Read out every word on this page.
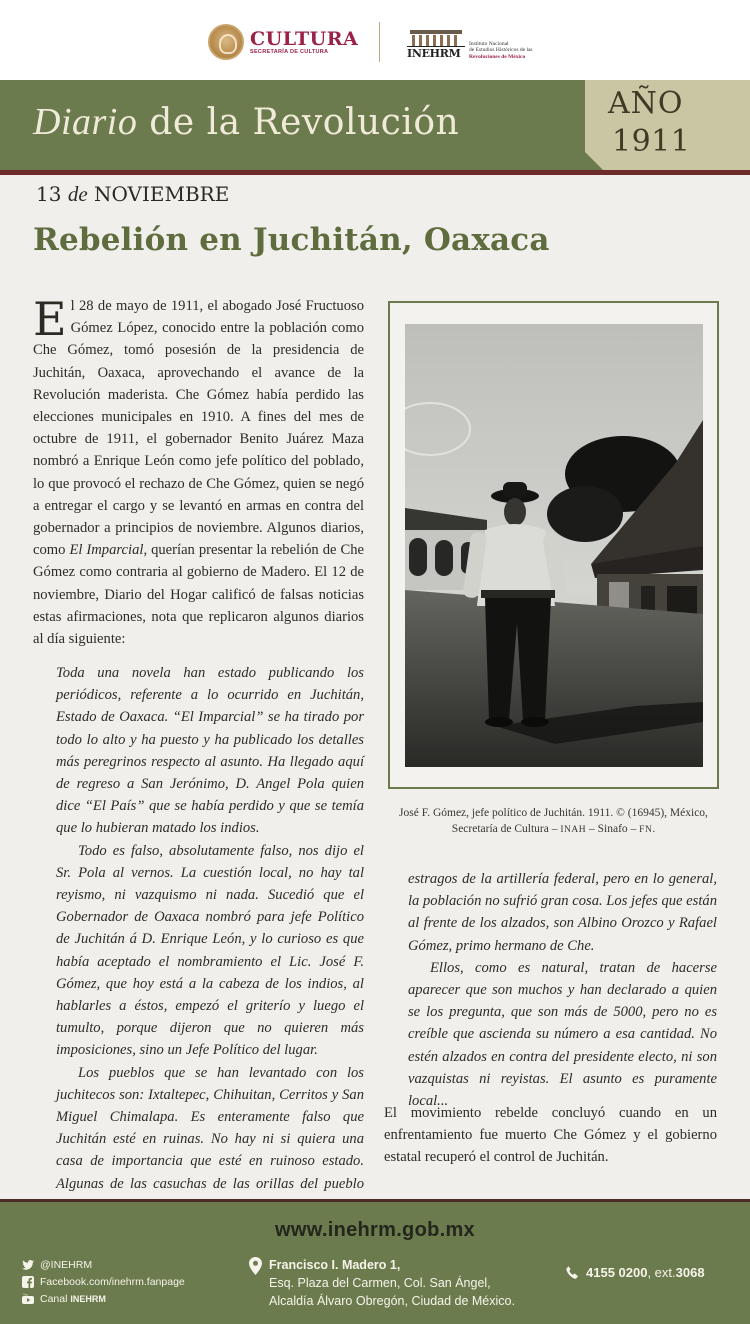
CULTURA
SECRETARÍA DE CULTURA	INEHRM
Instituto Nacional
de Estudios Históricos de las
Revoluciones de México
Diario de la Revolución	AÑO
1911
13 de NOVIEMBRE
Rebelión en Juchitán, Oaxaca

El 28 de mayo de 1911, el abogado José Fructuoso Gómez López, conocido entre la población como Che Gómez, tomó posesión de la presidencia de Juchitán, Oaxaca, aprovechando el avance de la Revolución maderista. Che Gómez había perdido las elecciones municipales en 1910. A fines del mes de octubre de 1911, el gobernador Benito Juárez Maza nombró a Enrique León como jefe político del poblado, lo que provocó el rechazo de Che Gómez, quien se negó a entregar el cargo y se levantó en armas en contra del gobernador a principios de noviembre. Algunos diarios, como El Imparcial, querían presentar la rebelión de Che Gómez como contraria al gobierno de Madero. El 12 de noviembre, Diario del Hogar calificó de falsas noticias estas afirmaciones, nota que replicaron algunos diarios al día siguiente:

Toda una novela han estado publicando los periódicos, referente a lo ocurrido en Juchitán, Estado de Oaxaca. “El Imparcial” se ha tirado por todo lo alto y ha puesto y ha publicado los detalles más peregrinos respecto al asunto. Ha llegado aquí de regreso a San Jerónimo, D. Angel Pola quien dice “El País” que se había perdido y que se temía que lo hubieran matado los indios.

Todo es falso, absolutamente falso, nos dijo el Sr. Pola al vernos. La cuestión local, no hay tal reyismo, ni vazquismo ni nada. Sucedió que el Gobernador de Oaxaca nombró para jefe Político de Juchitán á D. Enrique León, y lo curioso es que había aceptado el nombramiento el Lic. José F. Gómez, que hoy está a la cabeza de los indios, al hablarles a éstos, empezó el griterío y luego el tumulto, porque dijeron que no quieren más imposiciones, sino un Jefe Político del lugar.

Los pueblos que se han levantado con los juchitecos son: Ixtaltepec, Chihuitan, Cerritos y San Miguel Chimalapa. Es enteramente falso que Juchitán esté en ruinas. No hay ni si quiera una casa de importancia que esté en ruinoso estado. Algunas de las casuchas de las orillas del pueblo

José F. Gómez, jefe político de Juchitán. 1911. © (16945), México,
Secretaría de Cultura – INAH – Sinafo – FN.

estragos de la artillería federal, pero en lo general, la población no sufrió gran cosa. Los jefes que están al frente de los alzados, son Albino Orozco y Rafael Gómez, primo hermano de Che.

Ellos, como es natural, tratan de hacerse aparecer que son muchos y han declarado a quien se los pregunta, que son más de 5000, pero no es creíble que ascienda su número a esa cantidad. No estén alzados en contra del presidente electo, ni son vazquistas ni reyistas. El asunto es puramente local...

El movimiento rebelde concluyó cuando en un enfrentamiento fue muerto Che Gómez y el gobierno estatal recuperó el control de Juchitán.
www.inehrm.gob.mx
@INEHRM
Facebook.com/inehrm.fanpage
You Canal INEHRM
Francisco I. Madero 1,
Esq. Plaza del Carmen, Col. San Ángel,
Alcaldía Álvaro Obregón, Ciudad de México.
4155 0200 , ext. 3068
